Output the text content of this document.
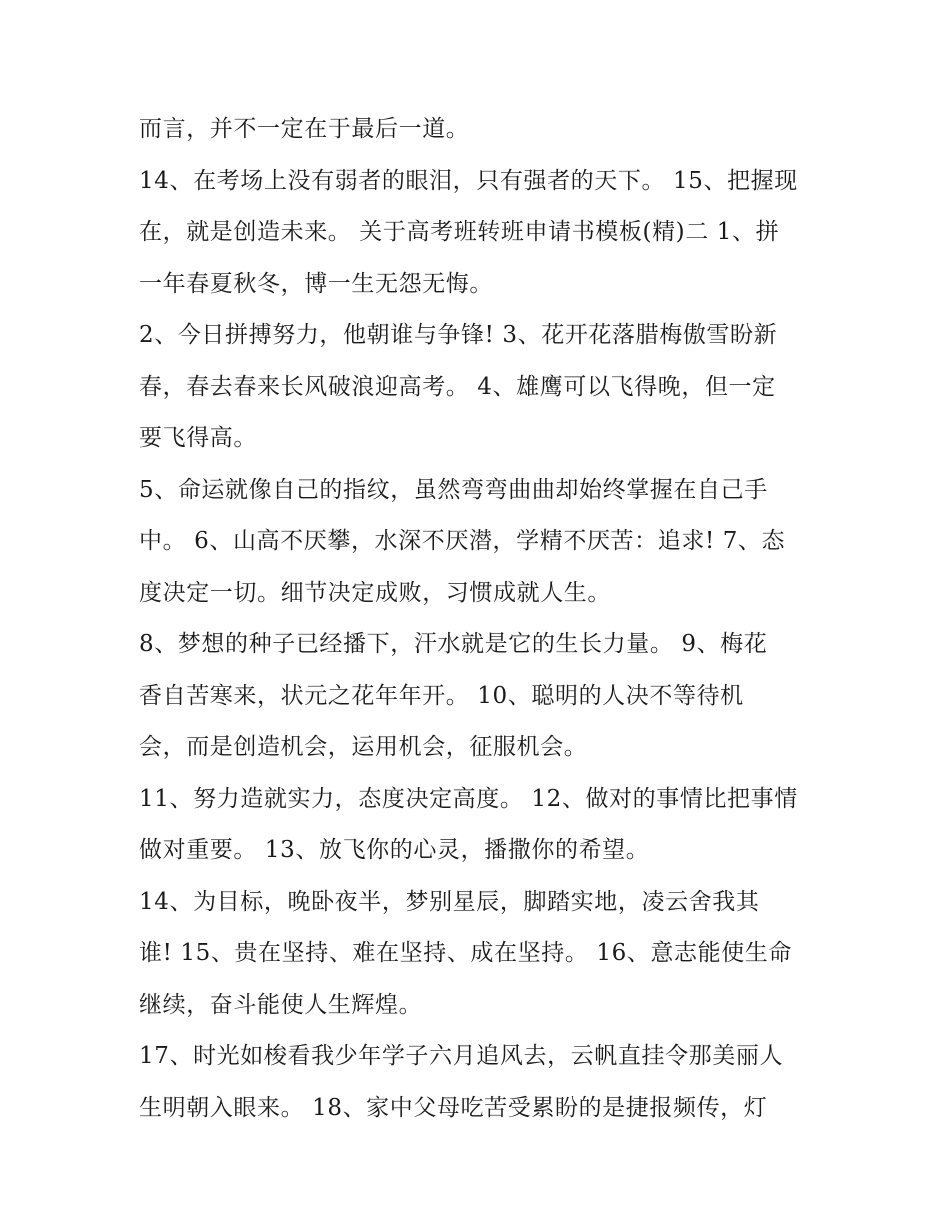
而言，并不一定在于最后一道。
14、在考场上没有弱者的眼泪，只有强者的天下。 15、把握现
在，就是创造未来。 关于高考班转班申请书模板(精)二 1、拼
一年春夏秋冬，博一生无怨无悔。
2、今日拼搏努力，他朝谁与争锋! 3、花开花落腊梅傲雪盼新
春，春去春来长风破浪迎高考。 4、雄鹰可以飞得晚，但一定
要飞得高。
5、命运就像自己的指纹，虽然弯弯曲曲却始终掌握在自己手
中。 6、山高不厌攀，水深不厌潜，学精不厌苦：追求! 7、态
度决定一切。细节决定成败，习惯成就人生。
8、梦想的种子已经播下，汗水就是它的生长力量。 9、梅花
香自苦寒来，状元之花年年开。 10、聪明的人决不等待机
会，而是创造机会，运用机会，征服机会。
11、努力造就实力，态度决定高度。 12、做对的事情比把事情
做对重要。 13、放飞你的心灵，播撒你的希望。
14、为目标，晚卧夜半，梦别星辰，脚踏实地，凌云舍我其
谁! 15、贵在坚持、难在坚持、成在坚持。 16、意志能使生命
继续，奋斗能使人生辉煌。
17、时光如梭看我少年学子六月追风去，云帆直挂令那美丽人
生明朝入眼来。 18、家中父母吃苦受累盼的是捷报频传，灯
